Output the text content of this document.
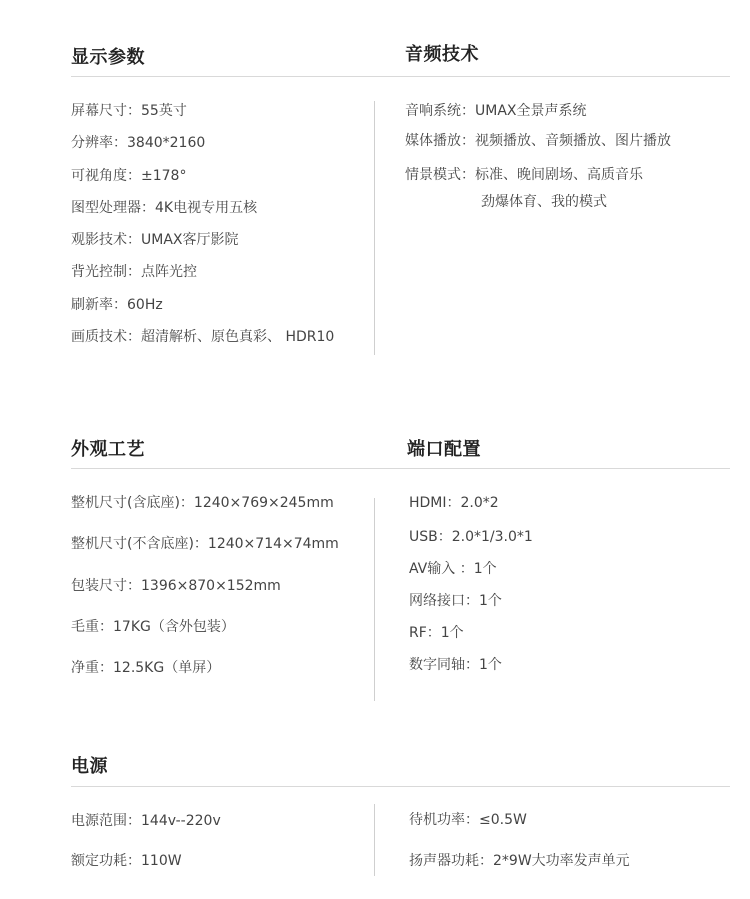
显示参数	音频技术
屏幕尺寸：55英寸
分辨率：3840*2160
可视角度：±178°
图型处理器：4K电视专用五核
观影技术：UMAX客厅影院
背光控制：点阵光控
刷新率：60Hz
画质技术：超清解析、原色真彩、 HDR10
音响系统：UMAX全景声系统
媒体播放：视频播放、音频播放、图片播放
情景模式：标准、晚间剧场、高质音乐
劲爆体育、我的模式
外观工艺	端口配置
整机尺寸(含底座)：1240×769×245mm
整机尺寸(不含底座)：1240×714×74mm
包装尺寸：1396×870×152mm
毛重：17KG（含外包装）
净重：12.5KG（单屏）
HDMI：2.0*2
USB：2.0*1/3.0*1
AV输入 ：1个
网络接口：1个
RF：1个
数字同轴：1个
电源
电源范围：144v--220v
额定功耗：110W
待机功率：≤0.5W
扬声器功耗：2*9W大功率发声单元
